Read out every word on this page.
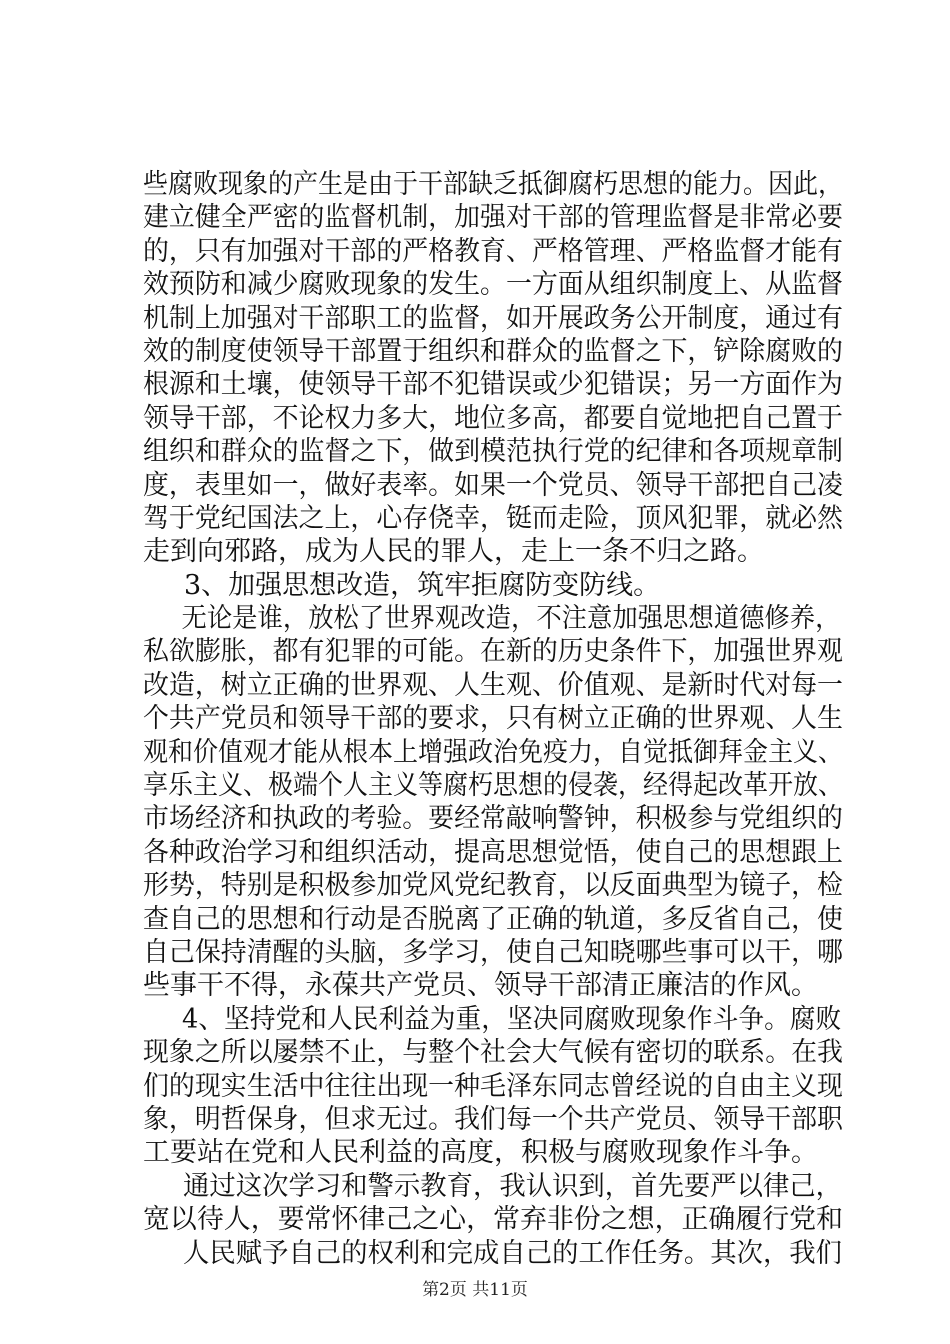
些腐败现象的产生是由于干部缺乏抵御腐朽思想的能力。因此，
建立健全严密的监督机制，加强对干部的管理监督是非常必要
的，只有加强对干部的严格教育、严格管理、严格监督才能有
效预防和减少腐败现象的发生。一方面从组织制度上、从监督
机制上加强对干部职工的监督，如开展政务公开制度，通过有
效的制度使领导干部置于组织和群众的监督之下，铲除腐败的
根源和土壤，使领导干部不犯错误或少犯错误；另一方面作为
领导干部，不论权力多大，地位多高，都要自觉地把自己置于
组织和群众的监督之下，做到模范执行党的纪律和各项规章制
度，表里如一，做好表率。如果一个党员、领导干部把自己凌
驾于党纪国法之上，心存侥幸，铤而走险，顶风犯罪，就必然
走到向邪路，成为人民的罪人，走上一条不归之路。
3、加强思想改造，筑牢拒腐防变防线。
无论是谁，放松了世界观改造，不注意加强思想道德修养，
私欲膨胀，都有犯罪的可能。在新的历史条件下，加强世界观
改造，树立正确的世界观、人生观、价值观、是新时代对每一
个共产党员和领导干部的要求，只有树立正确的世界观、人生
观和价值观才能从根本上增强政治免疫力，自觉抵御拜金主义、
享乐主义、极端个人主义等腐朽思想的侵袭，经得起改革开放、
市场经济和执政的考验。要经常敲响警钟，积极参与党组织的
各种政治学习和组织活动，提高思想觉悟，使自己的思想跟上
形势，特别是积极参加党风党纪教育，以反面典型为镜子，检
查自己的思想和行动是否脱离了正确的轨道，多反省自己，使
自己保持清醒的头脑，多学习，使自己知晓哪些事可以干，哪
些事干不得，永葆共产党员、领导干部清正廉洁的作风。
4、坚持党和人民利益为重，坚决同腐败现象作斗争。腐败
现象之所以屡禁不止，与整个社会大气候有密切的联系。在我
们的现实生活中往往出现一种毛泽东同志曾经说的自由主义现
象，明哲保身，但求无过。我们每一个共产党员、领导干部职
工要站在党和人民利益的高度，积极与腐败现象作斗争。
通过这次学习和警示教育，我认识到，首先要严以律己，
宽以待人，要常怀律己之心，常弃非份之想，正确履行党和
人民赋予自己的权利和完成自己的工作任务。其次，我们
第2页 共11页
